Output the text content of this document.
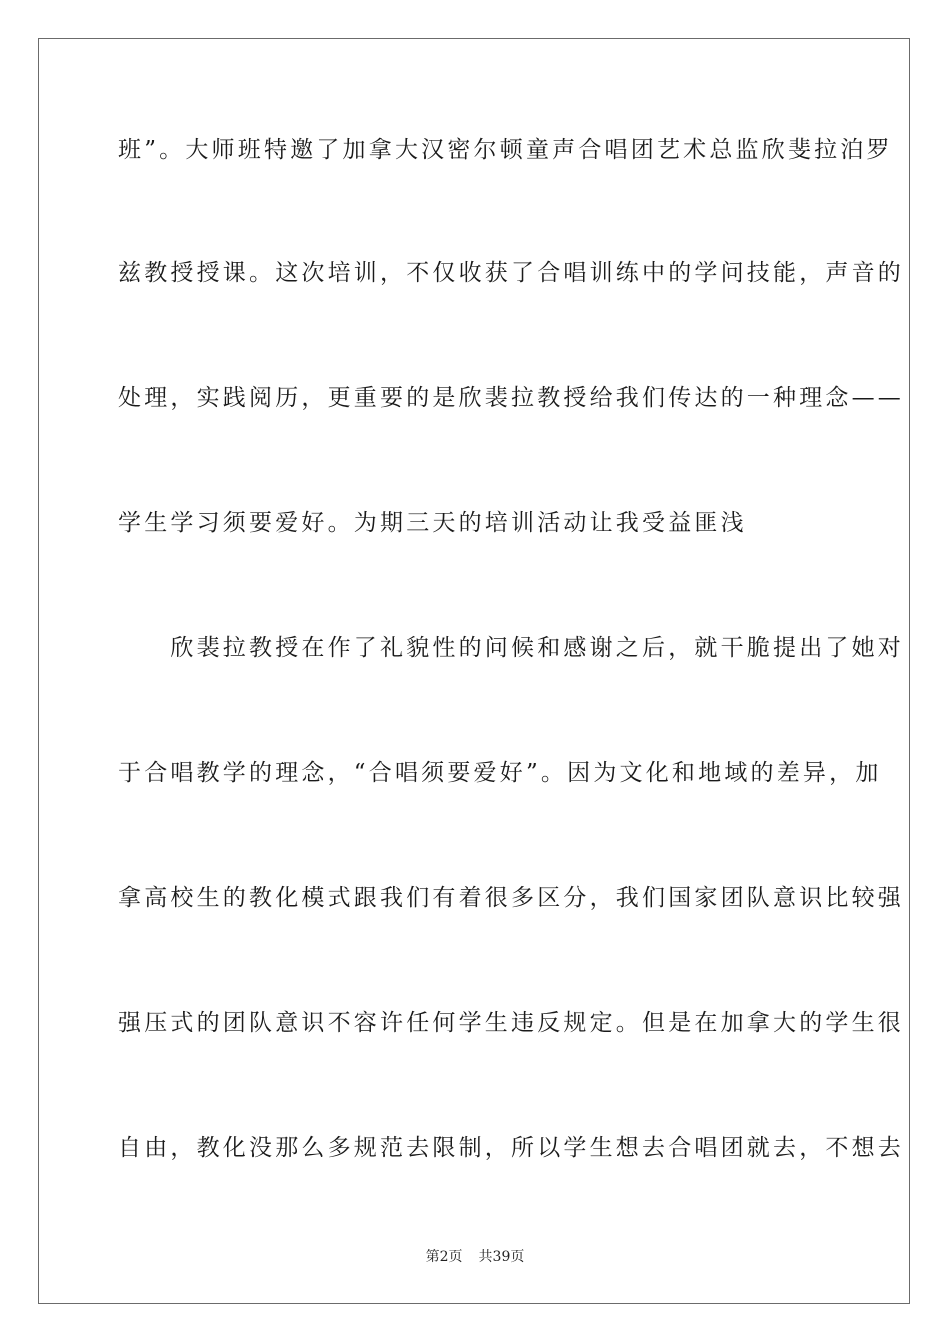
班”。大师班特邀了加拿大汉密尔顿童声合唱团艺术总监欣斐拉泊罗
兹教授授课。这次培训，不仅收获了合唱训练中的学问技能，声音的
处理，实践阅历，更重要的是欣裴拉教授给我们传达的一种理念——
学生学习须要爱好。为期三天的培训活动让我受益匪浅
　　欣裴拉教授在作了礼貌性的问候和感谢之后，就干脆提出了她对
于合唱教学的理念，“合唱须要爱好”。因为文化和地域的差异，加
拿高校生的教化模式跟我们有着很多区分，我们国家团队意识比较强
强压式的团队意识不容许任何学生违反规定。但是在加拿大的学生很
自由，教化没那么多规范去限制，所以学生想去合唱团就去，不想去
第2页 共39页
